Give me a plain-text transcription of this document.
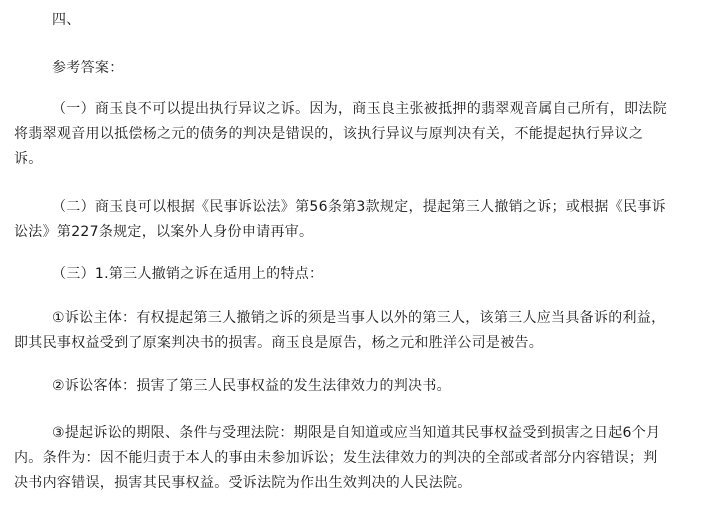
四、
参考答案：
（一）商玉良不可以提出执行异议之诉。因为，商玉良主张被抵押的翡翠观音属自己所有，即法院
将翡翠观音用以抵偿杨之元的债务的判决是错误的，该执行异议与原判决有关，不能提起执行异议之
诉。
（二）商玉良可以根据《民事诉讼法》第56条第3款规定，提起第三人撤销之诉；或根据《民事诉
讼法》第227条规定，以案外人身份申请再审。
（三）1.第三人撤销之诉在适用上的特点：
①诉讼主体：有权提起第三人撤销之诉的须是当事人以外的第三人，该第三人应当具备诉的利益，
即其民事权益受到了原案判决书的损害。商玉良是原告，杨之元和胜洋公司是被告。
②诉讼客体：损害了第三人民事权益的发生法律效力的判决书。
③提起诉讼的期限、条件与受理法院：期限是自知道或应当知道其民事权益受到损害之日起6个月
内。条件为：因不能归责于本人的事由未参加诉讼；发生法律效力的判决的全部或者部分内容错误；判
决书内容错误，损害其民事权益。受诉法院为作出生效判决的人民法院。
